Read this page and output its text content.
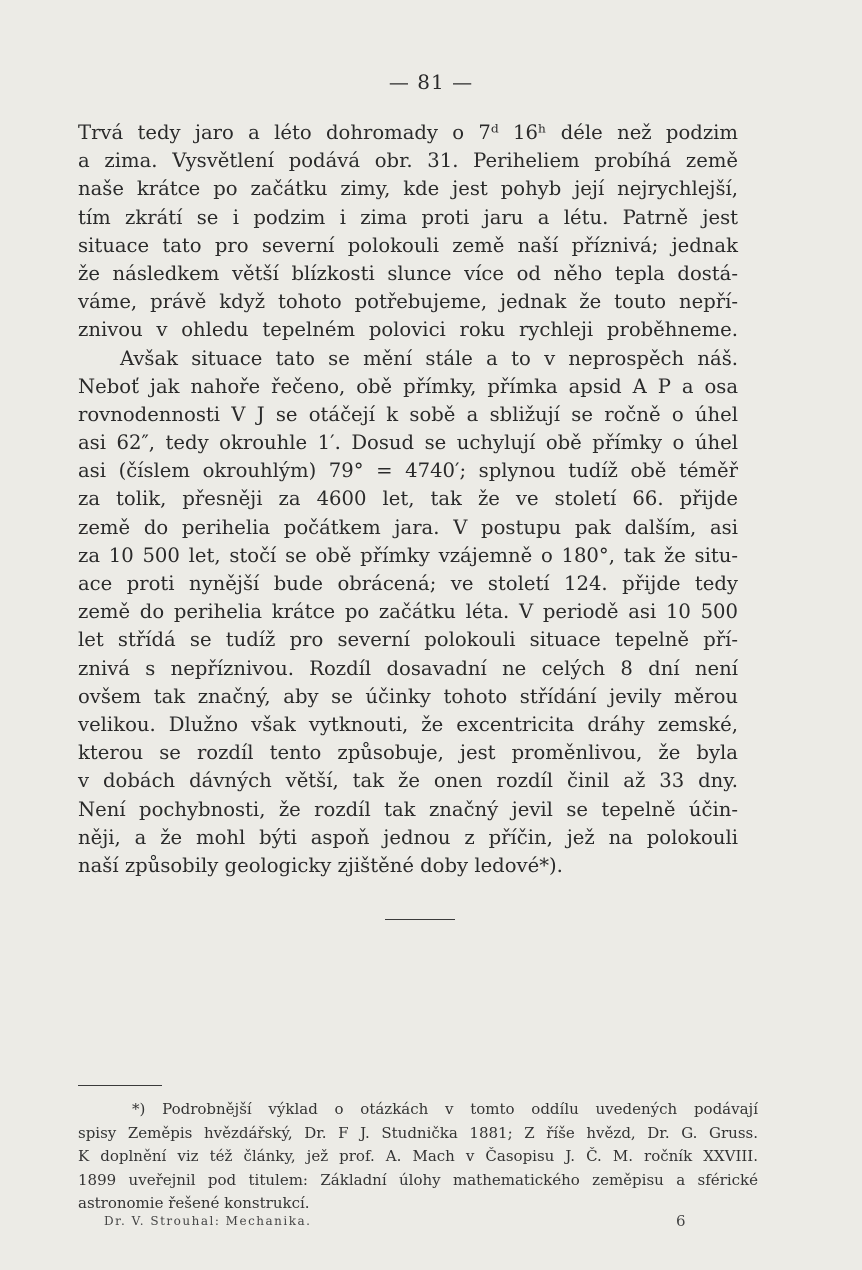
— 81 —
Trvá tedy jaro a léto dohromady o 7ᵈ 16ʰ déle než podzim
a zima. Vysvětlení podává obr. 31. Periheliem probíhá země
naše krátce po začátku zimy, kde jest pohyb její nejrychlejší,
tím zkrátí se i podzim i zima proti jaru a létu. Patrně jest
situace tato pro severní polokouli země naší příznivá; jednak
že následkem větší blízkosti slunce více od něho tepla dostá-
váme, právě když tohoto potřebujeme, jednak že touto nepří-
znivou v ohledu tepelném polovici roku rychleji proběhneme.
Avšak situace tato se mění stále a to v neprospěch náš.
Neboť jak nahoře řečeno, obě přímky, přímka apsid A P a osa
rovnodennosti V J se otáčejí k sobě a sbližují se ročně o úhel
asi 62″, tedy okrouhle 1′. Dosud se uchylují obě přímky o úhel
asi (číslem okrouhlým) 79° = 4740′; splynou tudíž obě téměř
za tolik, přesněji za 4600 let, tak že ve století 66. přijde
země do perihelia počátkem jara. V postupu pak dalším, asi
za 10 500 let, stočí se obě přímky vzájemně o 180°, tak že situ-
ace proti nynější bude obrácená; ve století 124. přijde tedy
země do perihelia krátce po začátku léta. V periodě asi 10 500
let střídá se tudíž pro severní polokouli situace tepelně pří-
znivá s nepříznivou. Rozdíl dosavadní ne celých 8 dní není
ovšem tak značný, aby se účinky tohoto střídání jevily měrou
velikou. Dlužno však vytknouti, že excentricita dráhy zemské,
kterou se rozdíl tento způsobuje, jest proměnlivou, že byla
v dobách dávných větší, tak že onen rozdíl činil až 33 dny.
Není pochybnosti, že rozdíl tak značný jevil se tepelně účin-
něji, a že mohl býti aspoň jednou z příčin, jež na polokouli
naší způsobily geologicky zjištěné doby ledové*).
*) Podrobnější výklad o otázkách v tomto oddílu uvedených podávají
spisy Zeměpis hvězdářský, Dr. F J. Studnička 1881; Z říše hvězd, Dr. G. Gruss.
K doplnění viz též články, jež prof. A. Mach v Časopisu J. Č. M. ročník XXVIII.
1899 uveřejnil pod titulem: Základní úlohy mathematického zeměpisu a sférické
astronomie řešené konstrukcí.
Dr. V. Strouhal: Mechanika.	6
